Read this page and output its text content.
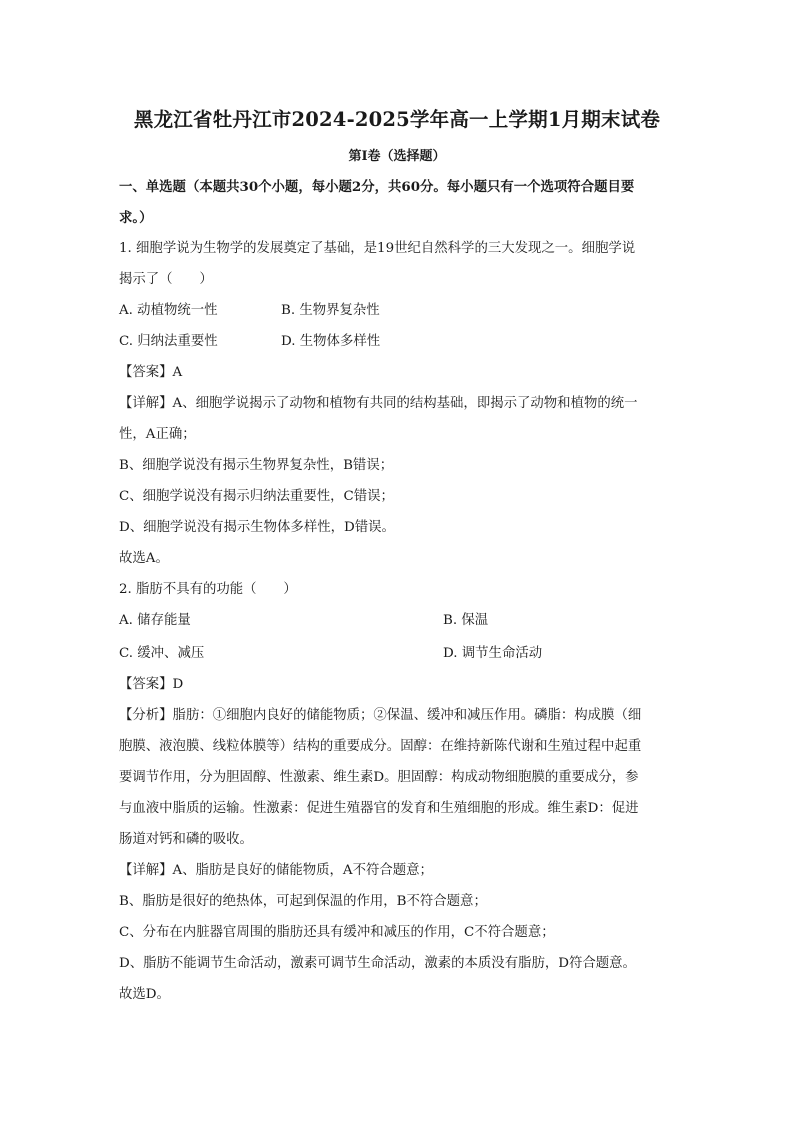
黑龙江省牡丹江市2024-2025学年高一上学期1月期末试卷
第I卷（选择题）
一、单选题（本题共30个小题，每小题2分，共60分。每小题只有一个选项符合题目要
求。）
1. 细胞学说为生物学的发展奠定了基础，是19世纪自然科学的三大发现之一。细胞学说
揭示了（　　）
A. 动植物统一性	B. 生物界复杂性
C. 归纳法重要性	D. 生物体多样性
【答案】A
【详解】A、细胞学说揭示了动物和植物有共同的结构基础，即揭示了动物和植物的统一
性，A正确；
B、细胞学说没有揭示生物界复杂性，B错误；
C、细胞学说没有揭示归纳法重要性，C错误；
D、细胞学说没有揭示生物体多样性，D错误。
故选A。
2. 脂肪不具有的功能（　　）
A. 储存能量	B. 保温
C. 缓冲、减压	D. 调节生命活动
【答案】D
【分析】脂肪：①细胞内良好的储能物质；②保温、缓冲和减压作用。磷脂：构成膜（细
胞膜、液泡膜、线粒体膜等）结构的重要成分。固醇：在维持新陈代谢和生殖过程中起重
要调节作用，分为胆固醇、性激素、维生素D。胆固醇：构成动物细胞膜的重要成分，参
与血液中脂质的运输。性激素：促进生殖器官的发育和生殖细胞的形成。维生素D：促进
肠道对钙和磷的吸收。
【详解】A、脂肪是良好的储能物质，A不符合题意；
B、脂肪是很好的绝热体，可起到保温的作用，B不符合题意；
C、分布在内脏器官周围的脂肪还具有缓冲和减压的作用，C不符合题意；
D、脂肪不能调节生命活动，激素可调节生命活动，激素的本质没有脂肪，D符合题意。
故选D。
